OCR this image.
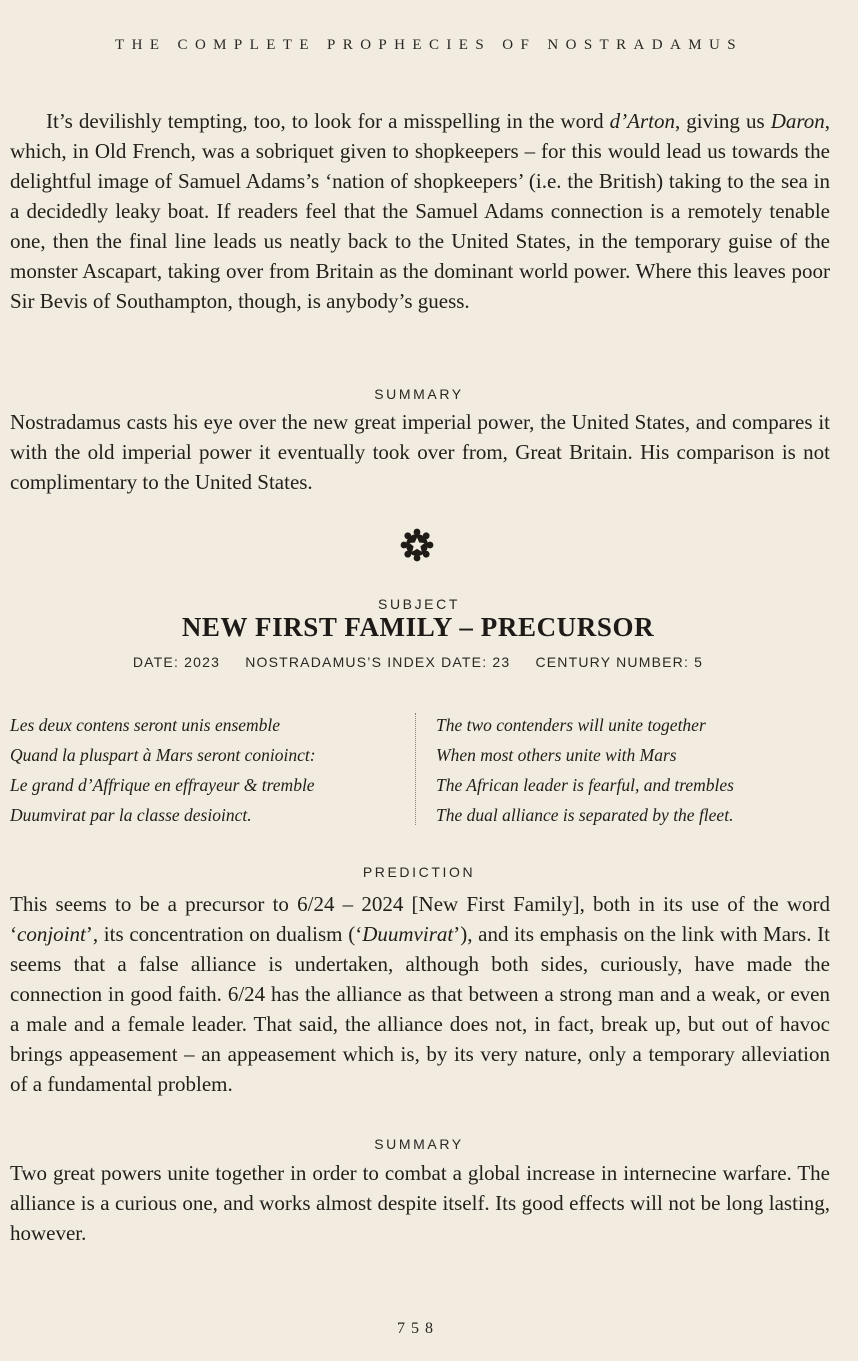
THE COMPLETE PROPHECIES OF NOSTRADAMUS

It’s devilishly tempting, too, to look for a misspelling in the word d’Arton, giving us Daron, which, in Old French, was a sobriquet given to shopkeepers – for this would lead us towards the delightful image of Samuel Adams’s ‘nation of shopkeepers’ (i.e. the British) taking to the sea in a decidedly leaky boat. If readers feel that the Samuel Adams connection is a remotely tenable one, then the final line leads us neatly back to the United States, in the temporary guise of the monster Ascapart, taking over from Britain as the dominant world power. Where this leaves poor Sir Bevis of Southampton, though, is anybody’s guess.

SUMMARY

Nostradamus casts his eye over the new great imperial power, the United States, and compares it with the old imperial power it eventually took over from, Great Britain. His comparison is not complimentary to the United States.

SUBJECT
NEW FIRST FAMILY – PRECURSOR
DATE: 2023 NOSTRADAMUS’S INDEX DATE: 23 CENTURY NUMBER: 5
Les deux contens seront unis ensemble
Quand la pluspart à Mars seront conioinct:
Le grand d’Affrique en effrayeur & tremble
Duumvirat par la classe desioinct.
The two contenders will unite together
When most others unite with Mars
The African leader is fearful, and trembles
The dual alliance is separated by the fleet.
PREDICTION

This seems to be a precursor to 6/24 – 2024 [New First Family], both in its use of the word ‘conjoint’, its concentration on dualism (‘Duumvirat’), and its emphasis on the link with Mars. It seems that a false alliance is undertaken, although both sides, curiously, have made the connection in good faith. 6/24 has the alliance as that between a strong man and a weak, or even a male and a female leader. That said, the alliance does not, in fact, break up, but out of havoc brings appeasement – an appeasement which is, by its very nature, only a temporary alleviation of a fundamental problem.

SUMMARY

Two great powers unite together in order to combat a global increase in internecine warfare. The alliance is a curious one, and works almost despite itself. Its good effects will not be long lasting, however.

758
